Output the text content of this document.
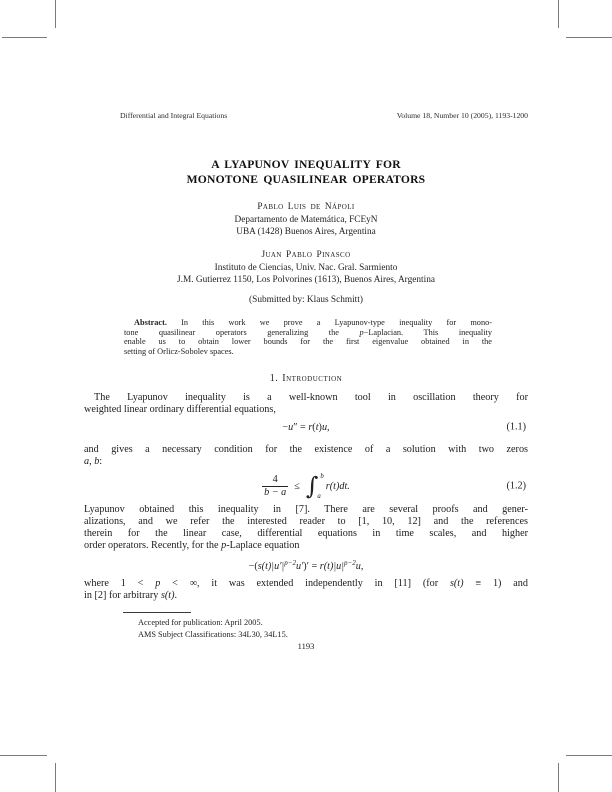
Differential and Integral Equations	Volume 18, Number 10 (2005), 1193-1200
A LYAPUNOV INEQUALITY FOR
MONOTONE QUASILINEAR OPERATORS
Pablo Luis de Nápoli
Departamento de Matemática, FCEyN
UBA (1428) Buenos Aires, Argentina
Juan Pablo Pinasco
Instituto de Ciencias, Univ. Nac. Gral. Sarmiento
J.M. Gutierrez 1150, Los Polvorines (1613), Buenos Aires, Argentina
(Submitted by: Klaus Schmitt)
Abstract. In this work we prove a Lyapunov-type inequality for mono-
tone quasilinear operators generalizing the p−Laplacian. This inequality
enable us to obtain lower bounds for the first eigenvalue obtained in the
setting of Orlicz-Sobolev spaces.
1. Introduction
The Lyapunov inequality is a well-known tool in oscillation theory for
weighted linear ordinary differential equations,
−u″ = r(t)u,	(1.1)
and gives a necessary condition for the existence of a solution with two zeros
a, b:
$\frac{4}{b - a}$ ≤ ∫ b
a
r(t)dt.	(1.2)
Lyapunov obtained this inequality in [7]. There are several proofs and gener-
alizations, and we refer the interested reader to [1, 10, 12] and the references
therein for the linear case, differential equations in time scales, and higher
order operators. Recently, for the p-Laplace equation
$-(s(t)|u'|^{p-2}u')' = r(t)|u|^{p-2}u$,
where 1 < p < ∞, it was extended independently in [11] (for s(t) ≡ 1) and
in [2] for arbitrary s(t).
Accepted for publication: April 2005.
AMS Subject Classifications: 34L30, 34L15.
1193
